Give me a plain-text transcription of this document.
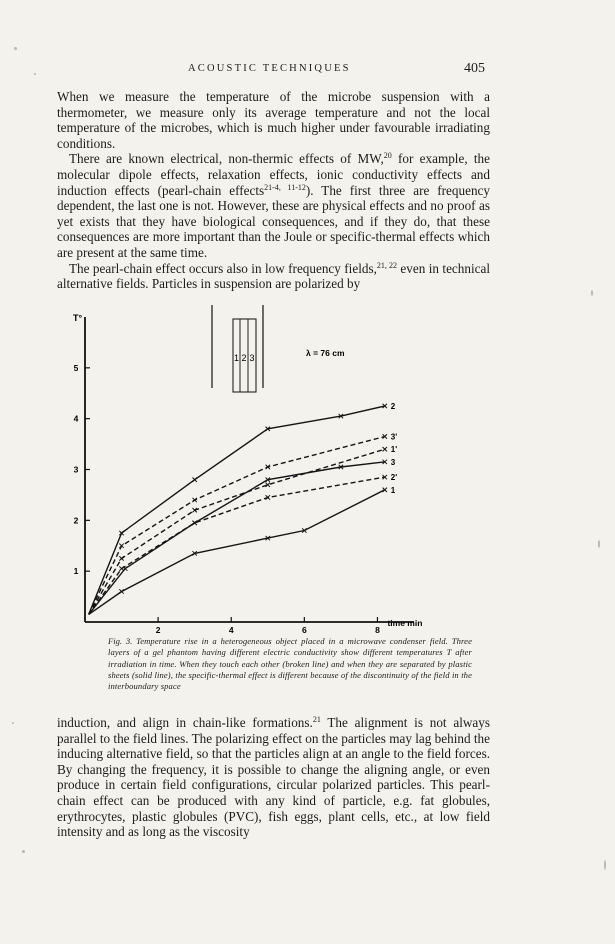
ACOUSTIC TECHNIQUES	405

When we measure the temperature of the microbe suspension with a thermometer, we measure only its average temperature and not the local temperature of the microbes, which is much higher under favourable irradiating conditions.

There are known electrical, non-thermic effects of MW,$^{20}$ for example, the molecular dipole effects, relaxation effects, ionic conductivity effects and induction effects (pearl-chain effects$^{21-4, 11-12}$). The first three are frequency dependent, the last one is not. However, these are physical effects and no proof as yet exists that they have biological consequences, and if they do, that these consequences are more important than the Joule or specific-thermal effects which are present at the same time.

The pearl-chain effect occurs also in low frequency fields,$^{21, 22}$ even in technical alternative fields. Particles in suspension are polarized by

1 2 3	λ = 76 cm
T°
time min
1
2
3
4
5
2	4	6	8
2
3
1
3'
1'
2'
Fig. 3. Temperature rise in a heterogeneous object placed in a microwave condenser field. Three layers of a gel phantom having different electric conductivity show different temperatures T after irradiation in time. When they touch each other (broken line) and when they are separated by plastic sheets (solid line), the specific-thermal effect is different because of the discontinuity of the field in the interboundary space

induction, and align in chain-like formations.$^{21}$ The alignment is not always parallel to the field lines. The polarizing effect on the particles may lag behind the inducing alternative field, so that the particles align at an angle to the field forces. By changing the frequency, it is possible to change the aligning angle, or even produce in certain field configurations, circular polarized particles. This pearl-chain effect can be produced with any kind of particle, e.g. fat globules, erythrocytes, plastic globules (PVC), fish eggs, plant cells, etc., at low field intensity and as long as the viscosity
